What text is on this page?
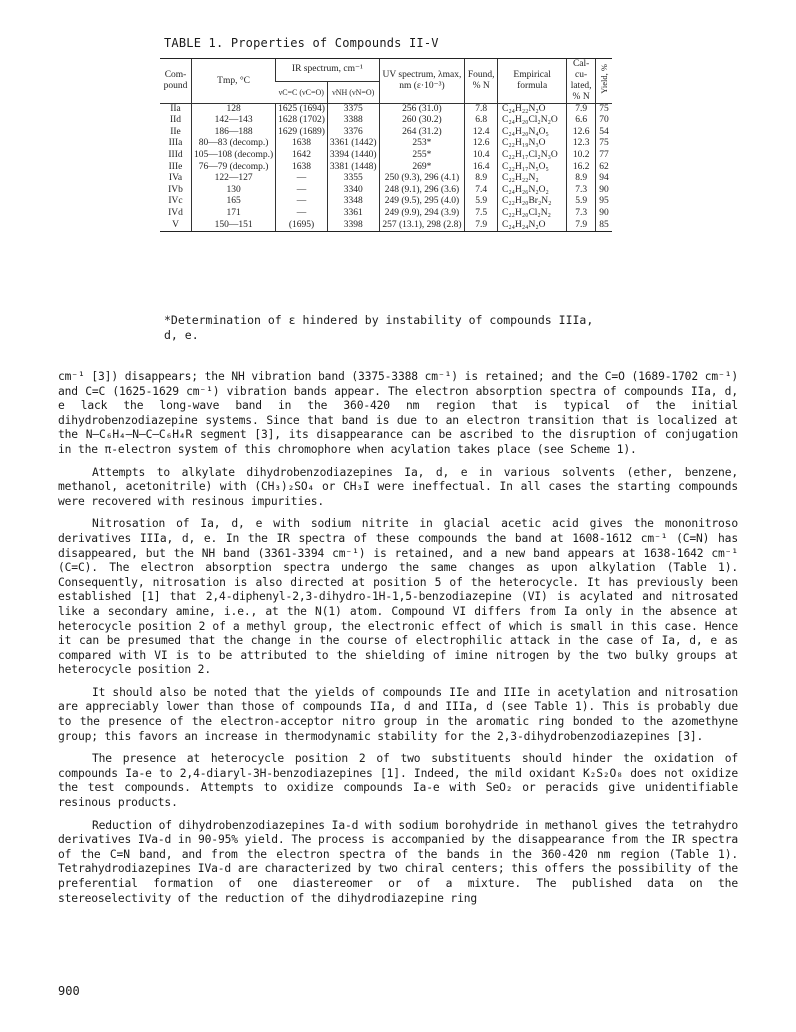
TABLE 1. Properties of Compounds II-V
Com- pound	Tmp, °C	IR spectrum, cm⁻¹		UV spectrum, λmax, nm (ε·10⁻³)	Found, % N	Empirical formula	Cal- cu- lated, % N	Yield, %
		νC=C (νC=O)	νNH (νN=O)					
IIa	128	1625 (1694)	3375	256 (31.0)	7.8	C₂₄H₂₂N₂O	7.9	75
IId	142—143	1628 (1702)	3388	260 (30.2)	6.8	C₂₄H₂₀Cl₂N₂O	6.6	70
IIe	186—188	1629 (1689)	3376	264 (31.2)	12.4	C₂₄H₂₀N₄O₅	12.6	54
IIIa	80—83 (decomp.)	1638	3361 (1442)	253*	12.6	C₂₂H₁₉N₃O	12.3	75
IIId	105—108 (decomp.)	1642	3394 (1440)	255*	10.4	C₂₂H₁₇Cl₂N₃O	10.2	77
IIIe	76—79 (decomp.)	1638	3381 (1448)	269*	16.4	C₂₂H₁₇N₅O₅	16.2	62
IVa	122—127	—	3355	250 (9.3), 296 (4.1)	8.9	C₂₂H₂₂N₂	8.9	94
IVb	130	—	3340	248 (9.1), 296 (3.6)	7.4	C₂₄H₂₆N₂O₂	7.3	90
IVc	165	—	3348	249 (9.5), 295 (4.0)	5.9	C₂₂H₂₀Br₂N₂	5.9	95
IVd	171	—	3361	249 (9.9), 294 (3.9)	7.5	C₂₂H₂₀Cl₂N₂	7.3	90
V	150—151	(1695)	3398	257 (13.1), 298 (2.8)	7.9	C₂₄H₂₄N₂O	7.9	85
*Determination of ε hindered by instability of compounds IIIa, d, e.

cm⁻¹ [3]) disappears; the NH vibration band (3375-3388 cm⁻¹) is retained; and the C=O (1689-1702 cm⁻¹) and C=C (1625-1629 cm⁻¹) vibration bands appear. The electron absorption spectra of compounds IIa, d, e lack the long-wave band in the 360-420 nm region that is typical of the initial dihydrobenzodiazepine systems. Since that band is due to an electron transition that is localized at the N–C₆H₄–N–C–C₆H₄R segment [3], its disappearance can be ascribed to the disruption of conjugation in the π-electron system of this chromophore when acylation takes place (see Scheme 1).

Attempts to alkylate dihydrobenzodiazepines Ia, d, e in various solvents (ether, benzene, methanol, acetonitrile) with (CH₃)₂SO₄ or CH₃I were ineffectual. In all cases the starting compounds were recovered with resinous impurities.

Nitrosation of Ia, d, e with sodium nitrite in glacial acetic acid gives the mononitroso derivatives IIIa, d, e. In the IR spectra of these compounds the band at 1608-1612 cm⁻¹ (C=N) has disappeared, but the NH band (3361-3394 cm⁻¹) is retained, and a new band appears at 1638-1642 cm⁻¹ (C=C). The electron absorption spectra undergo the same changes as upon alkylation (Table 1). Consequently, nitrosation is also directed at position 5 of the heterocycle. It has previously been established [1] that 2,4-diphenyl-2,3-dihydro-1H-1,5-benzodiazepine (VI) is acylated and nitrosated like a secondary amine, i.e., at the N(1) atom. Compound VI differs from Ia only in the absence at heterocycle position 2 of a methyl group, the electronic effect of which is small in this case. Hence it can be presumed that the change in the course of electrophilic attack in the case of Ia, d, e as compared with VI is to be attributed to the shielding of imine nitrogen by the two bulky groups at heterocycle position 2.

It should also be noted that the yields of compounds IIe and IIIe in acetylation and nitrosation are appreciably lower than those of compounds IIa, d and IIIa, d (see Table 1). This is probably due to the presence of the electron-acceptor nitro group in the aromatic ring bonded to the azomethyne group; this favors an increase in thermodynamic stability for the 2,3-dihydrobenzodiazepines [3].

The presence at heterocycle position 2 of two substituents should hinder the oxidation of compounds Ia-e to 2,4-diaryl-3H-benzodiazepines [1]. Indeed, the mild oxidant K₂S₂O₈ does not oxidize the test compounds. Attempts to oxidize compounds Ia-e with SeO₂ or peracids give unidentifiable resinous products.

Reduction of dihydrobenzodiazepines Ia-d with sodium borohydride in methanol gives the tetrahydro derivatives IVa-d in 90-95% yield. The process is accompanied by the disappearance from the IR spectra of the C=N band, and from the electron spectra of the bands in the 360-420 nm region (Table 1). Tetrahydrodiazepines IVa-d are characterized by two chiral centers; this offers the possibility of the preferential formation of one diastereomer or of a mixture. The published data on the stereoselectivity of the reduction of the dihydrodiazepine ring

900
